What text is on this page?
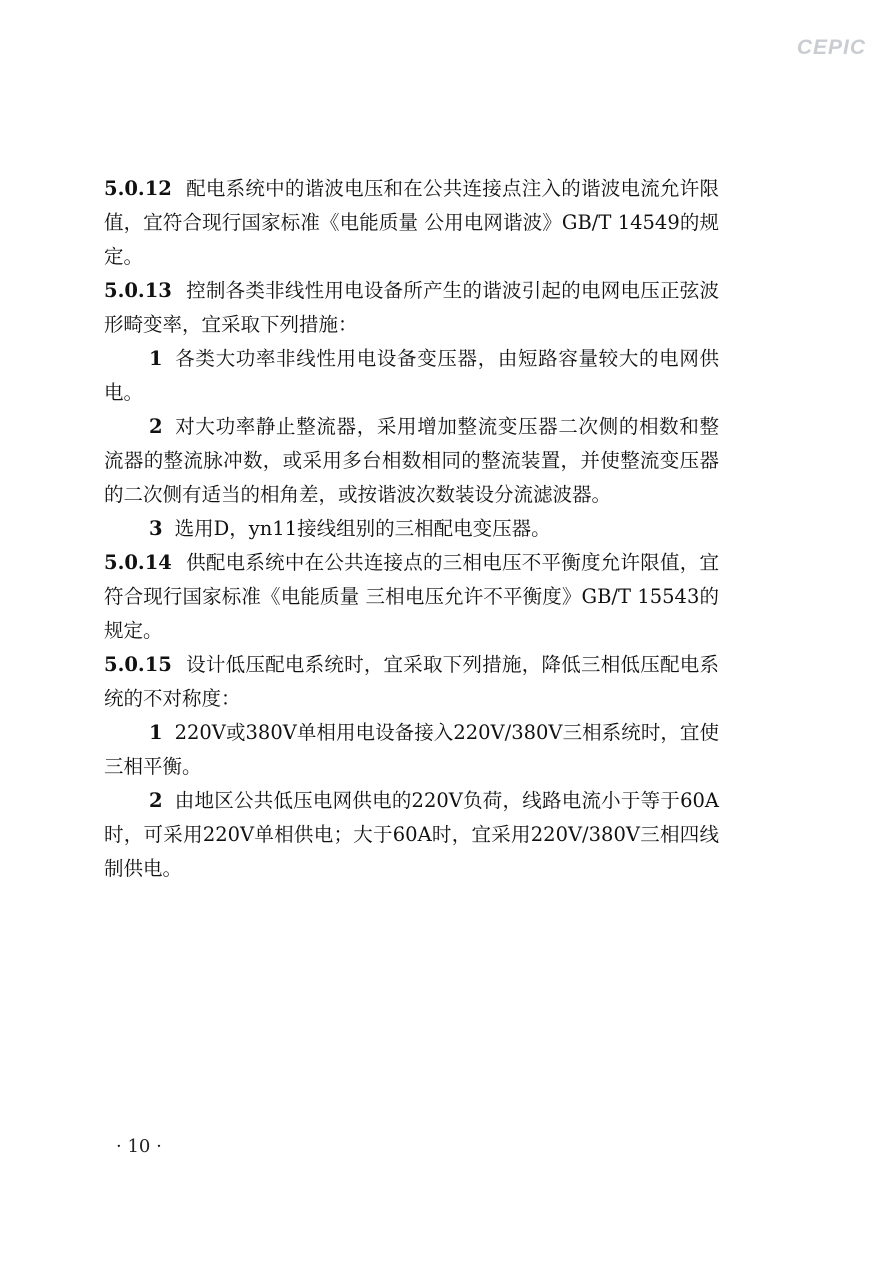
CEPIC

5.0.12 配电系统中的谐波电压和在公共连接点注入的谐波电流允许限值，宜符合现行国家标准《电能质量 公用电网谐波》GB/T 14549的规定。

5.0.13 控制各类非线性用电设备所产生的谐波引起的电网电压正弦波形畸变率，宜采取下列措施：

1 各类大功率非线性用电设备变压器，由短路容量较大的电网供电。

2 对大功率静止整流器，采用增加整流变压器二次侧的相数和整流器的整流脉冲数，或采用多台相数相同的整流装置，并使整流变压器的二次侧有适当的相角差，或按谐波次数装设分流滤波器。

3 选用D，yn11接线组别的三相配电变压器。

5.0.14 供配电系统中在公共连接点的三相电压不平衡度允许限值，宜符合现行国家标准《电能质量 三相电压允许不平衡度》GB/T 15543的规定。

5.0.15 设计低压配电系统时，宜采取下列措施，降低三相低压配电系统的不对称度：

1 220V或380V单相用电设备接入220V/380V三相系统时，宜使三相平衡。

2 由地区公共低压电网供电的220V负荷，线路电流小于等于60A时，可采用220V单相供电；大于60A时，宜采用220V/380V三相四线制供电。

· 10 ·
